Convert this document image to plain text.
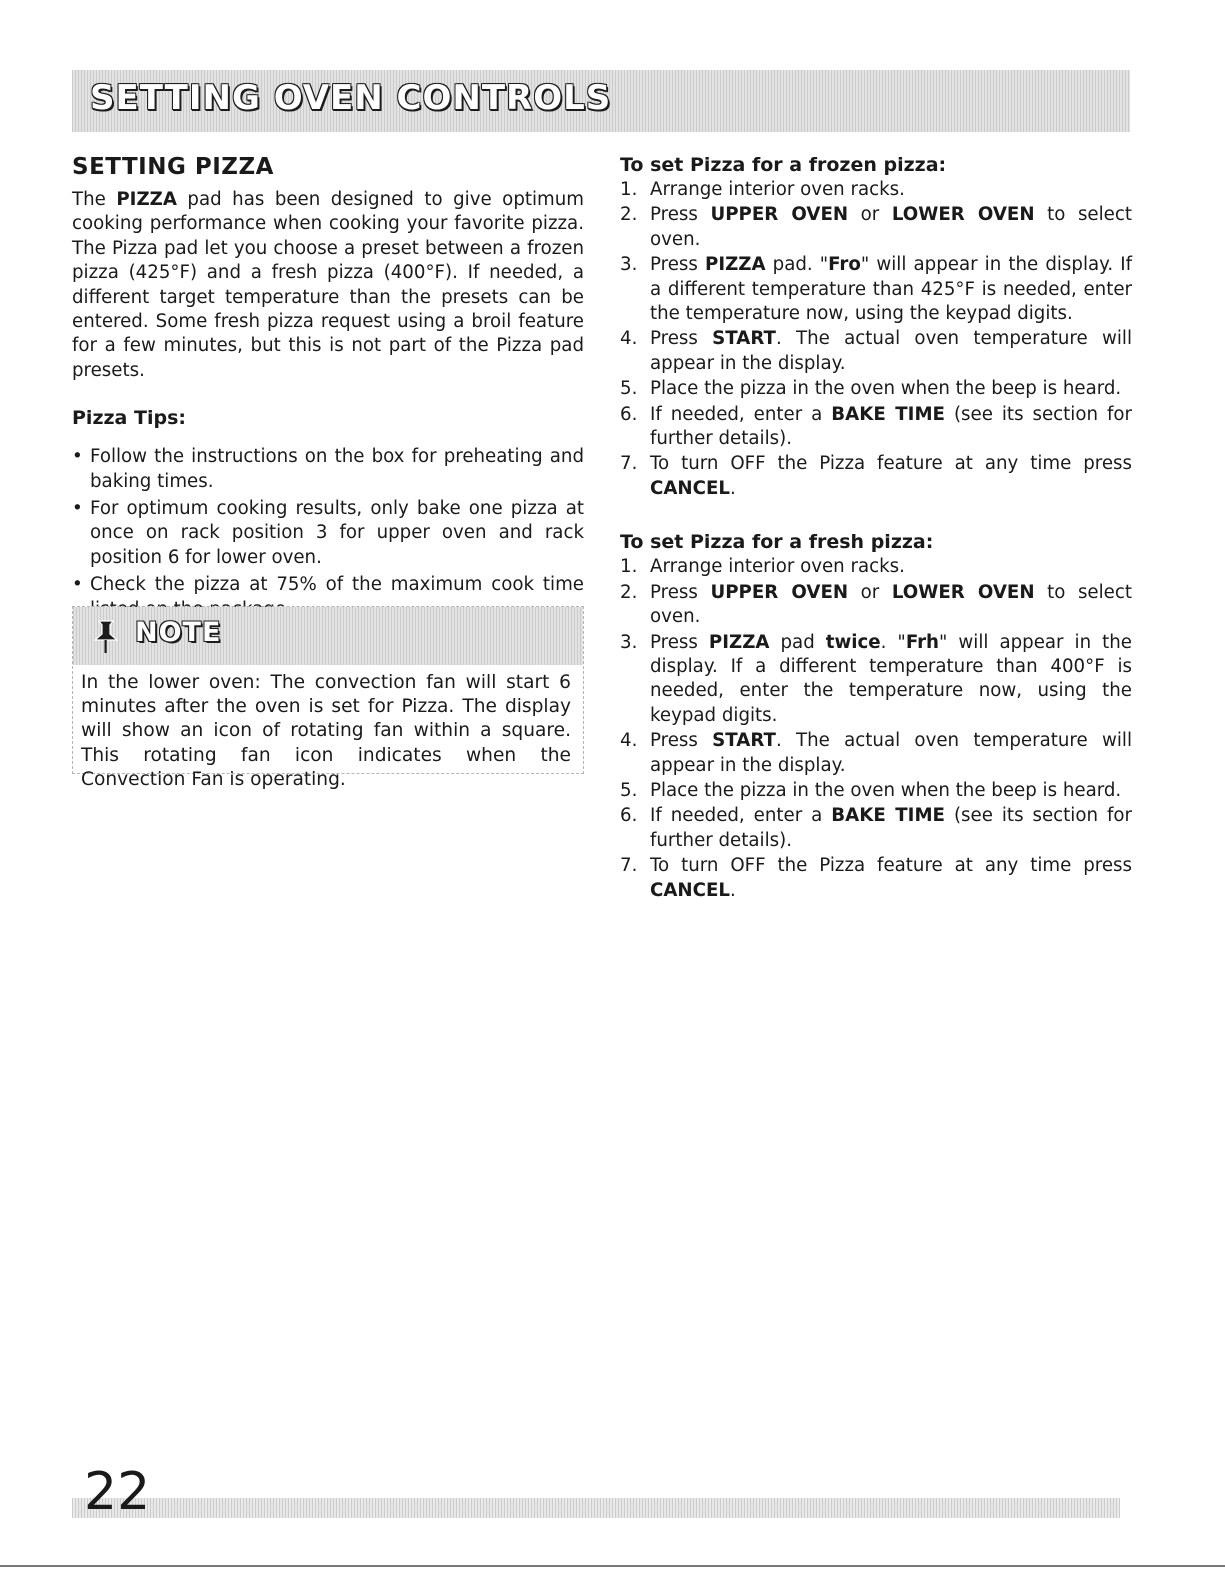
SETTING OVEN CONTROLS
SETTING PIZZA

The PIZZA pad has been designed to give optimum cooking performance when cooking your favorite pizza. The Pizza pad let you choose a preset between a frozen pizza (425°F) and a fresh pizza (400°F). If needed, a different target temperature than the presets can be entered. Some fresh pizza request using a broil feature for a few minutes, but this is not part of the Pizza pad presets.

Pizza Tips:
• Follow the instructions on the box for preheating and baking times.
• For optimum cooking results, only bake one pizza at once on rack position 3 for upper oven and rack position 6 for lower oven.
• Check the pizza at 75% of the maximum cook time
NOTE
In the lower oven: The convection fan will start 6 minutes after the oven is set for Pizza. The display will show an icon of rotating fan within a square. This rotating fan icon indicates when the Convection Fan is operating.
To set Pizza for a frozen pizza:
1. Arrange interior oven racks.
2. Press UPPER OVEN or LOWER OVEN to select oven.
3. Press PIZZA pad. "Fro" will appear in the display. If a different temperature than 425°F is needed, enter the temperature now, using the keypad digits.
4. Press START. The actual oven temperature will appear in the display.
5. Place the pizza in the oven when the beep is heard.
6. If needed, enter a BAKE TIME (see its section for further details).
7. To turn OFF the Pizza feature at any time press CANCEL.
To set Pizza for a fresh pizza:
1. Arrange interior oven racks.
2. Press UPPER OVEN or LOWER OVEN to select oven.
3. Press PIZZA pad twice. "Frh" will appear in the display. If a different temperature than 400°F is needed, enter the temperature now, using the keypad digits.
4. Press START. The actual oven temperature will appear in the display.
5. Place the pizza in the oven when the beep is heard.
6. If needed, enter a BAKE TIME (see its section for further details).
7. To turn OFF the Pizza feature at any time press CANCEL.
22
